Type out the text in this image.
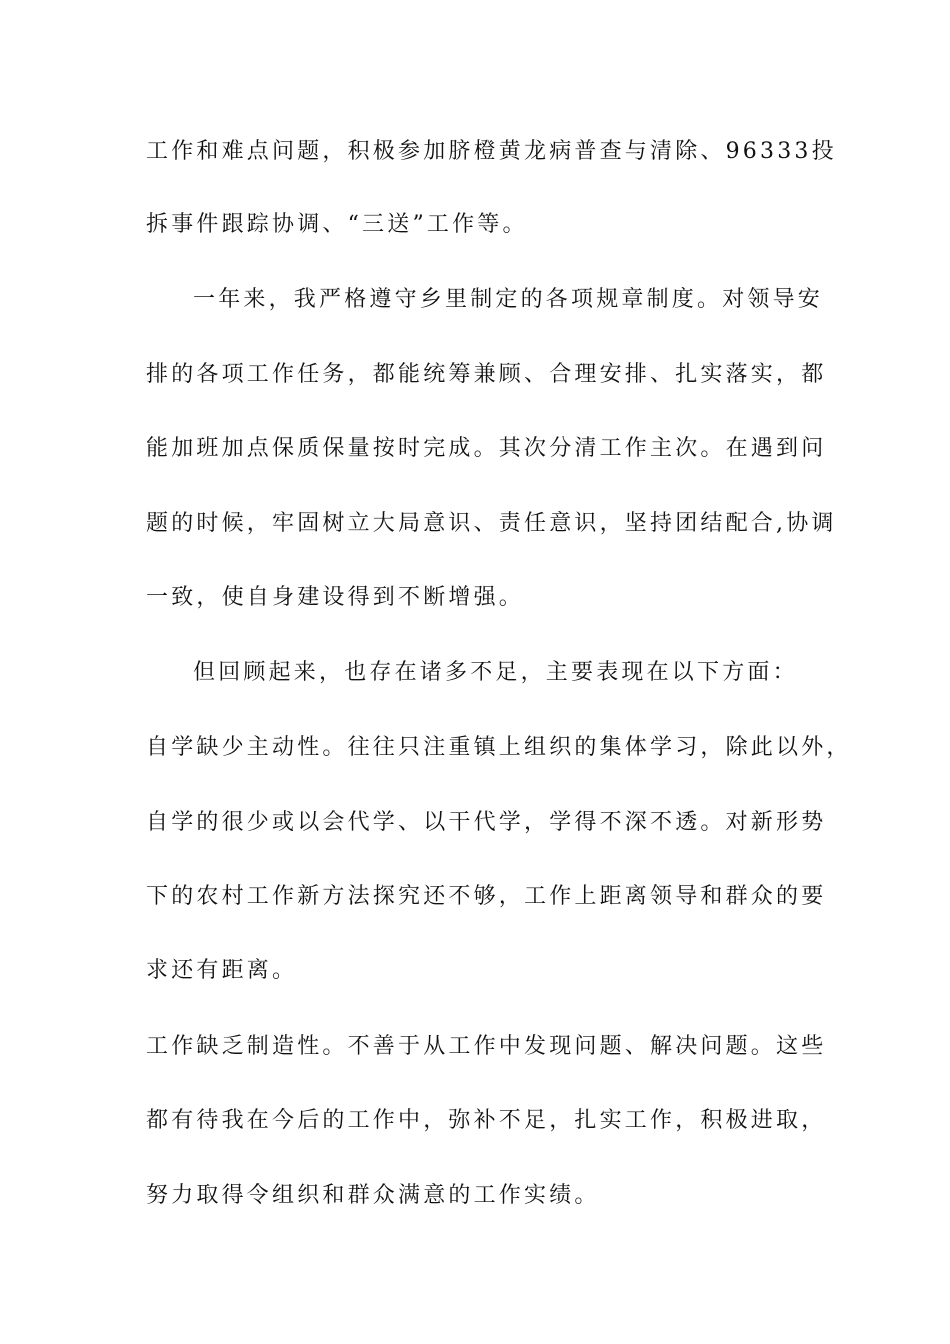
工作和难点问题，积极参加脐橙黄龙病普查与清除、96333投
拆事件跟踪协调、“三送”工作等。
一年来，我严格遵守乡里制定的各项规章制度。对领导安
排的各项工作任务，都能统筹兼顾、合理安排、扎实落实，都
能加班加点保质保量按时完成。其次分清工作主次。在遇到问
题的时候，牢固树立大局意识、责任意识，坚持团结配合,协调
一致，使自身建设得到不断增强。
但回顾起来，也存在诸多不足，主要表现在以下方面：
自学缺少主动性。往往只注重镇上组织的集体学习，除此以外，
自学的很少或以会代学、以干代学，学得不深不透。对新形势
下的农村工作新方法探究还不够，工作上距离领导和群众的要
求还有距离。
工作缺乏制造性。不善于从工作中发现问题、解决问题。这些
都有待我在今后的工作中，弥补不足，扎实工作，积极进取，
努力取得令组织和群众满意的工作实绩。
